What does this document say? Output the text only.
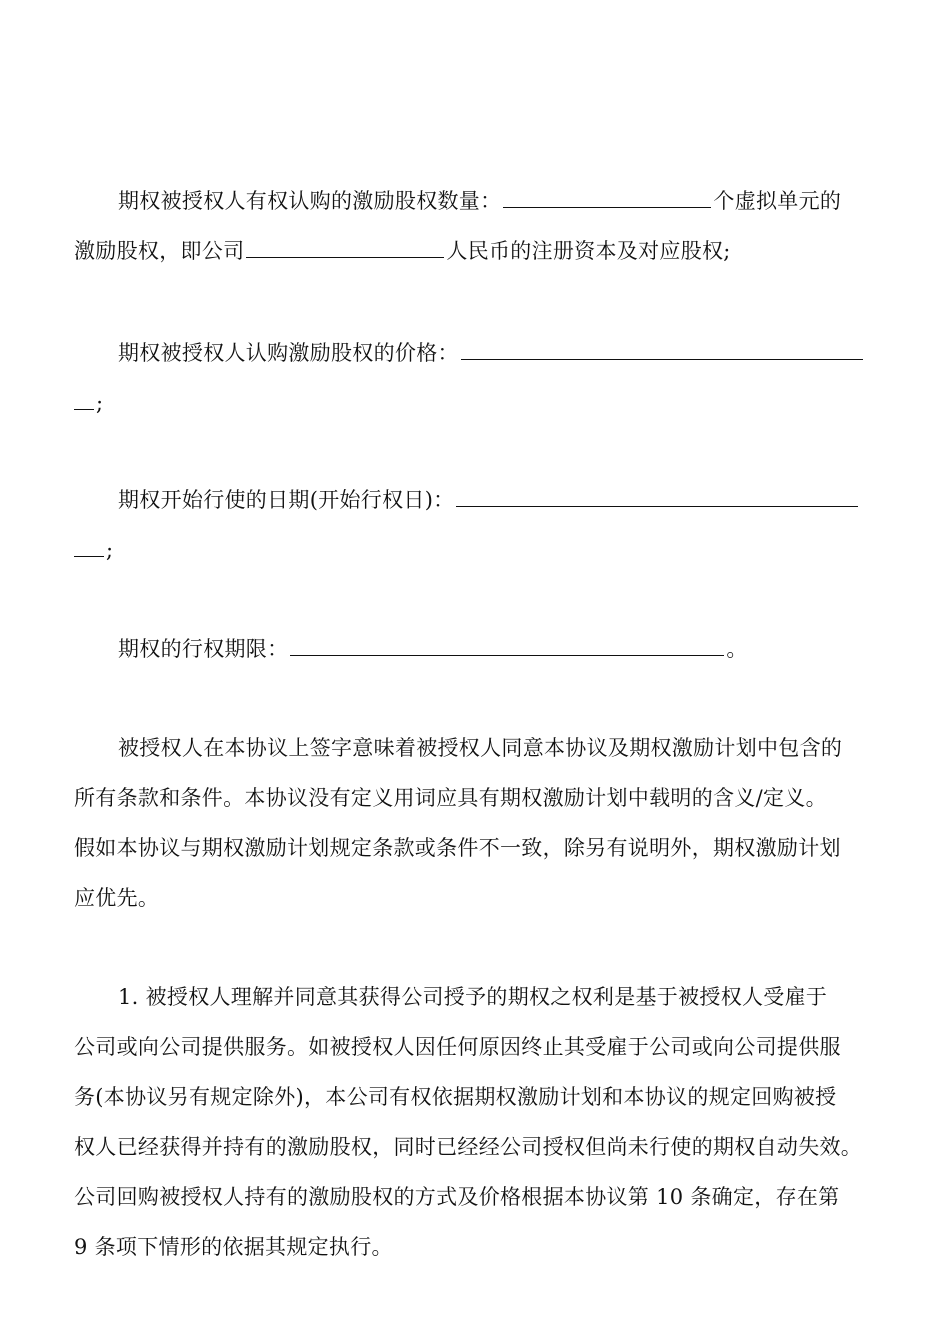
期权被授权人有权认购的激励股权数量：	个虚拟单元的
激励股权，即公司	人民币的注册资本及对应股权;
期权被授权人认购激励股权的价格：
;
期权开始行使的日期(开始行权日)：
;
期权的行权期限：	。
被授权人在本协议上签字意味着被授权人同意本协议及期权激励计划中包含的
所有条款和条件。本协议没有定义用词应具有期权激励计划中载明的含义/定义。
假如本协议与期权激励计划规定条款或条件不一致，除另有说明外，期权激励计划
应优先。
1. 被授权人理解并同意其获得公司授予的期权之权利是基于被授权人受雇于
公司或向公司提供服务。如被授权人因任何原因终止其受雇于公司或向公司提供服
务(本协议另有规定除外)，本公司有权依据期权激励计划和本协议的规定回购被授
权人已经获得并持有的激励股权，同时已经经公司授权但尚未行使的期权自动失效。
公司回购被授权人持有的激励股权的方式及价格根据本协议第 10 条确定，存在第
9 条项下情形的依据其规定执行。
